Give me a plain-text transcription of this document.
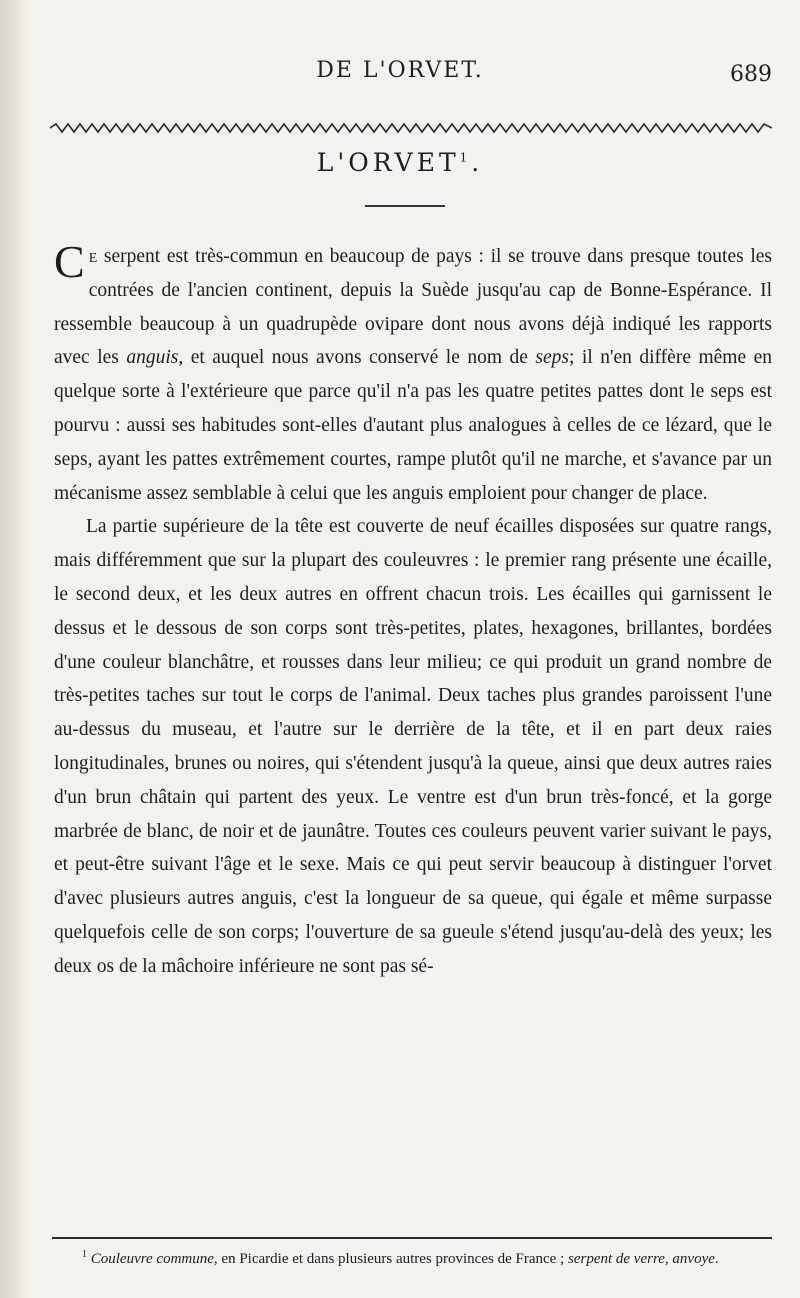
DE L'ORVET.	689
L'ORVET$^1$.

Ce serpent est très-commun en beaucoup de pays : il se trouve dans presque toutes les contrées de l'ancien continent, depuis la Suède jusqu'au cap de Bonne-Espérance. Il ressemble beaucoup à un quadrupède ovipare dont nous avons déjà indiqué les rapports avec les anguis, et auquel nous avons conservé le nom de seps; il n'en diffère même en quelque sorte à l'extérieure que parce qu'il n'a pas les quatre petites pattes dont le seps est pourvu : aussi ses habitudes sont-elles d'autant plus analogues à celles de ce lézard, que le seps, ayant les pattes extrêmement courtes, rampe plutôt qu'il ne marche, et s'avance par un mécanisme assez semblable à celui que les anguis emploient pour changer de place.

La partie supérieure de la tête est couverte de neuf écailles disposées sur quatre rangs, mais différemment que sur la plupart des couleuvres : le premier rang présente une écaille, le second deux, et les deux autres en offrent chacun trois. Les écailles qui garnissent le dessus et le dessous de son corps sont très-petites, plates, hexagones, brillantes, bordées d'une couleur blanchâtre, et rousses dans leur milieu; ce qui produit un grand nombre de très-petites taches sur tout le corps de l'animal. Deux taches plus grandes paroissent l'une au-dessus du museau, et l'autre sur le derrière de la tête, et il en part deux raies longitudinales, brunes ou noires, qui s'étendent jusqu'à la queue, ainsi que deux autres raies d'un brun châtain qui partent des yeux. Le ventre est d'un brun très-foncé, et la gorge marbrée de blanc, de noir et de jaunâtre. Toutes ces couleurs peuvent varier suivant le pays, et peut-être suivant l'âge et le sexe. Mais ce qui peut servir beaucoup à distinguer l'orvet d'avec plusieurs autres anguis, c'est la longueur de sa queue, qui égale et même surpasse quelquefois celle de son corps; l'ouverture de sa gueule s'étend jusqu'au-delà des yeux; les deux os de la mâchoire inférieure ne sont pas sé-

$^1$ Couleuvre commune, en Picardie et dans plusieurs autres provinces de France ; serpent de verre, anvoye.
